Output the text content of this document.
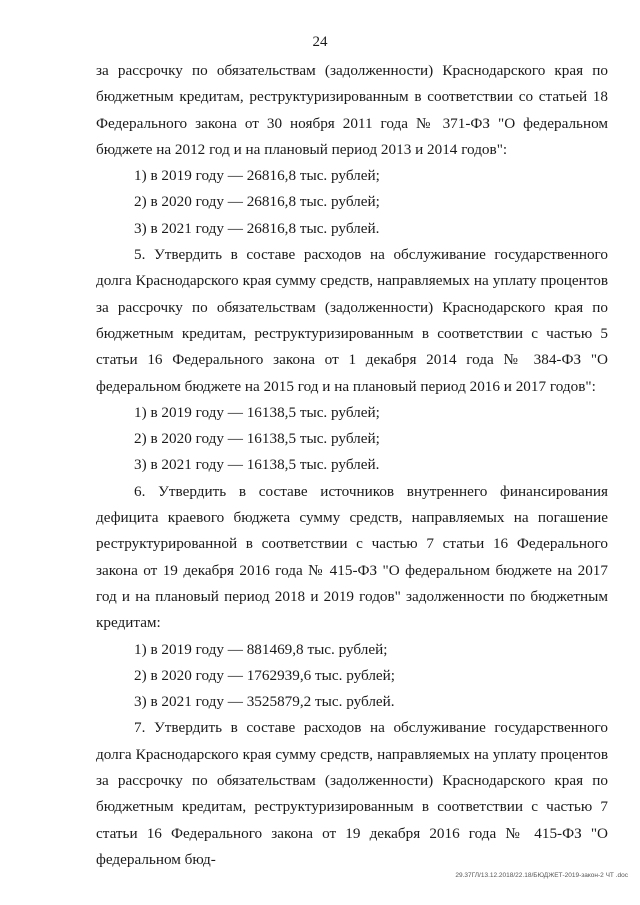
24

за рассрочку по обязательствам (задолженности) Краснодарского края по бюджетным кредитам, реструктуризированным в соответствии со статьей 18 Федерального закона от 30 ноября 2011 года № 371-ФЗ "О федеральном бюджете на 2012 год и на плановый период 2013 и 2014 годов":

1) в 2019 году — 26816,8 тыс. рублей;

2) в 2020 году — 26816,8 тыс. рублей;

3) в 2021 году — 26816,8 тыс. рублей.

5. Утвердить в составе расходов на обслуживание государственного долга Краснодарского края сумму средств, направляемых на уплату процентов за рассрочку по обязательствам (задолженности) Краснодарского края по бюджетным кредитам, реструктуризированным в соответствии с частью 5 статьи 16 Федерального закона от 1 декабря 2014 года № 384-ФЗ "О федеральном бюджете на 2015 год и на плановый период 2016 и 2017 годов":

1) в 2019 году — 16138,5 тыс. рублей;

2) в 2020 году — 16138,5 тыс. рублей;

3) в 2021 году — 16138,5 тыс. рублей.

6. Утвердить в составе источников внутреннего финансирования дефицита краевого бюджета сумму средств, направляемых на погашение реструктурированной в соответствии с частью 7 статьи 16 Федерального закона от 19 декабря 2016 года № 415-ФЗ "О федеральном бюджете на 2017 год и на плановый период 2018 и 2019 годов" задолженности по бюджетным кредитам:

1) в 2019 году — 881469,8 тыс. рублей;

2) в 2020 году — 1762939,6 тыс. рублей;

3) в 2021 году — 3525879,2 тыс. рублей.

7. Утвердить в составе расходов на обслуживание государственного долга Краснодарского края сумму средств, направляемых на уплату процентов за рассрочку по обязательствам (задолженности) Краснодарского края по бюджетным кредитам, реструктуризированным в соответствии с частью 7 статьи 16 Федерального закона от 19 декабря 2016 года № 415-ФЗ "О федеральном бюд-

29.37ГЛ/13.12.2018/22.18/БЮДЖЕТ-2019-закон-2 ЧТ .doc
